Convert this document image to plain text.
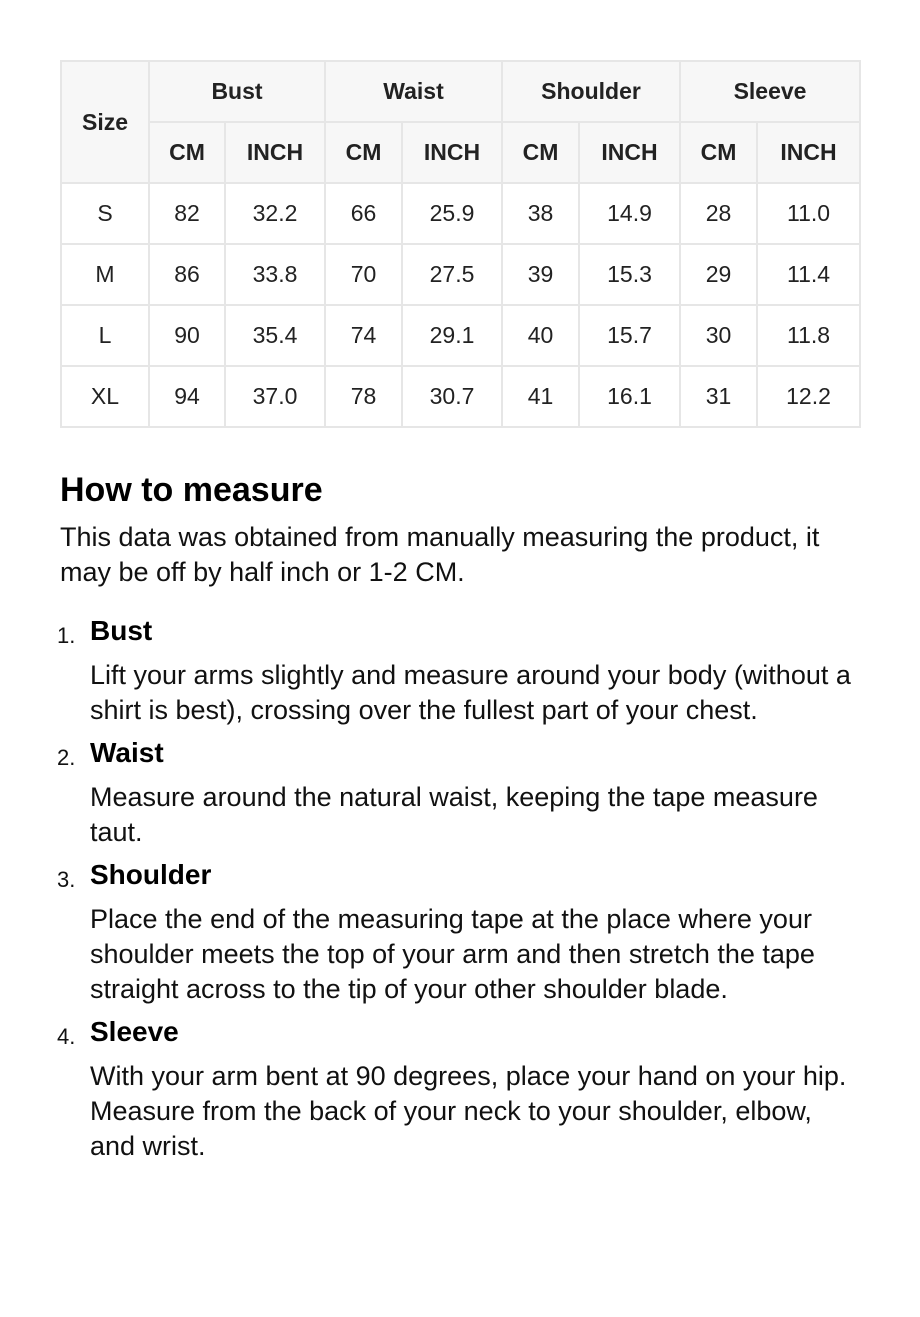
Size	Bust		Waist		Shoulder		Sleeve	
	CM	INCH	CM	INCH	CM	INCH	CM	INCH
S	82	32.2	66	25.9	38	14.9	28	11.0
M	86	33.8	70	27.5	39	15.3	29	11.4
L	90	35.4	74	29.1	40	15.7	30	11.8
XL	94	37.0	78	30.7	41	16.1	31	12.2
How to measure

This data was obtained from manually measuring the product, it may be off by half inch or 1-2 CM.

1. Bust
Lift your arms slightly and measure around your body (without a shirt is best), crossing over the fullest part of your chest.
2. Waist
Measure around the natural waist, keeping the tape measure taut.
3. Shoulder
Place the end of the measuring tape at the place where your shoulder meets the top of your arm and then stretch the tape straight across to the tip of your other shoulder blade.
4. Sleeve
With your arm bent at 90 degrees, place your hand on your hip. Measure from the back of your neck to your shoulder, elbow, and wrist.
